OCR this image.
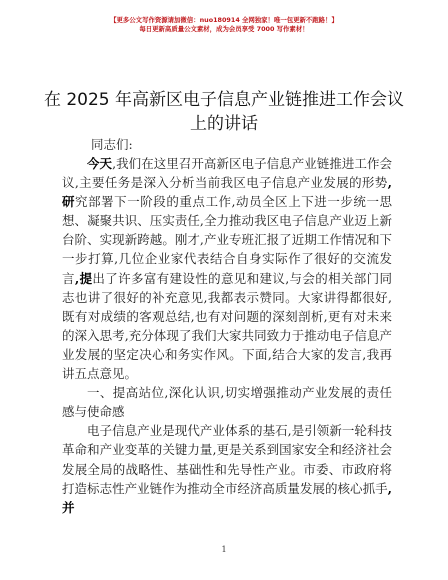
【更多公文写作资源请加微信：nuo180914 全网独家！唯一包更新不跑路！】
每日更新高质量公文素材，成为会员享受 7000 写作素材！
在 2025 年高新区电子信息产业链推进工作会议上的讲话
同志们:

今天,我们在这里召开高新区电子信息产业链推进工作会议,主要任务是深入分析当前我区电子信息产业发展的形势,研究部署下一阶段的重点工作,动员全区上下进一步统一思想、凝聚共识、压实责任,全力推动我区电子信息产业迈上新台阶、实现新跨越。刚才,产业专班汇报了近期工作情况和下一步打算,几位企业家代表结合自身实际作了很好的交流发言,提出了许多富有建设性的意见和建议,与会的相关部门同志也讲了很好的补充意见,我都表示赞同。大家讲得都很好,既有对成绩的客观总结,也有对问题的深刻剖析,更有对未来的深入思考,充分体现了我们大家共同致力于推动电子信息产业发展的坚定决心和务实作风。下面,结合大家的发言,我再讲五点意见。

一、提高站位,深化认识,切实增强推动产业发展的责任感与使命感

电子信息产业是现代产业体系的基石,是引领新一轮科技革命和产业变革的关键力量,更是关系到国家安全和经济社会发展全局的战略性、基础性和先导性产业。市委、市政府将打造标志性产业链作为推动全市经济高质量发展的核心抓手,并

1
